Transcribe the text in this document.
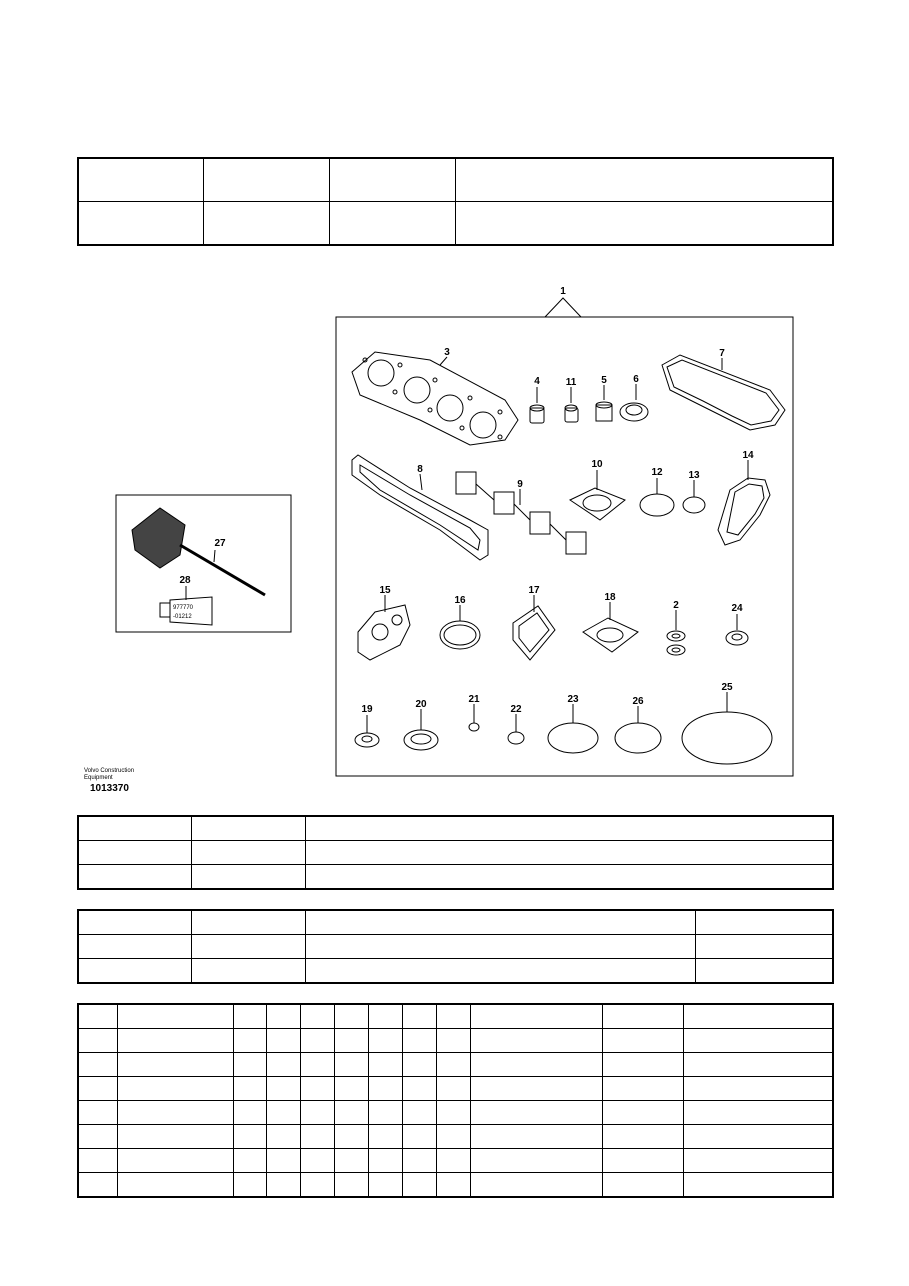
1
2
3
4	5	6
7
8
9
10
11
12	13
14
15
16
17
18
19	20	21
22
23
24
25
26
27
28
977770
-01212
Volvo Construction Equipment
1013370
